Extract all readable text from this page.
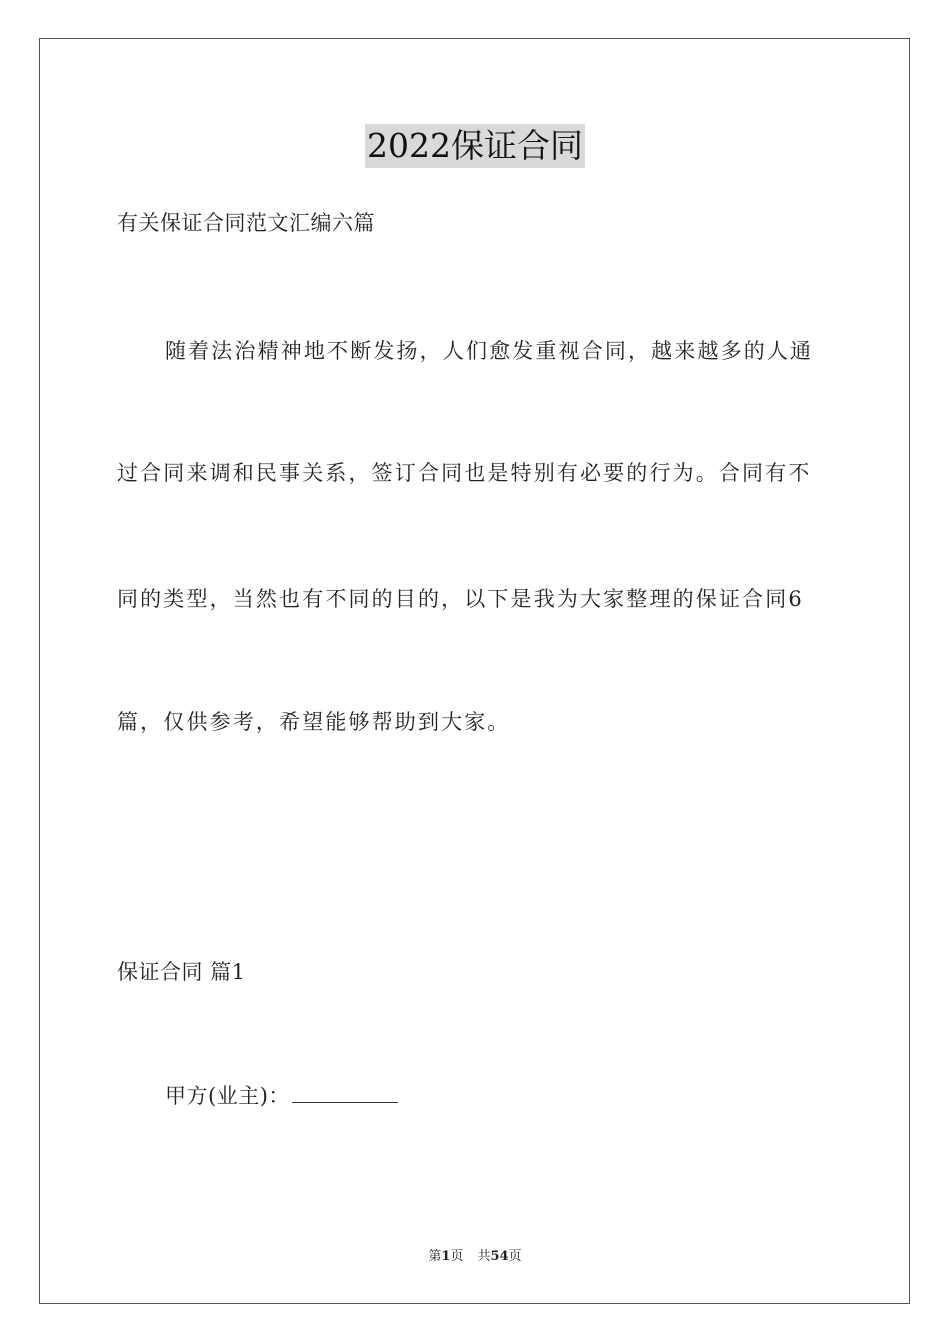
2022保证合同
有关保证合同范文汇编六篇
随着法治精神地不断发扬，人们愈发重视合同，越来越多的人通
过合同来调和民事关系，签订合同也是特别有必要的行为。合同有不
同的类型，当然也有不同的目的，以下是我为大家整理的保证合同6
篇，仅供参考，希望能够帮助到大家。
保证合同 篇1
甲方(业主)：
第1页 共54页
